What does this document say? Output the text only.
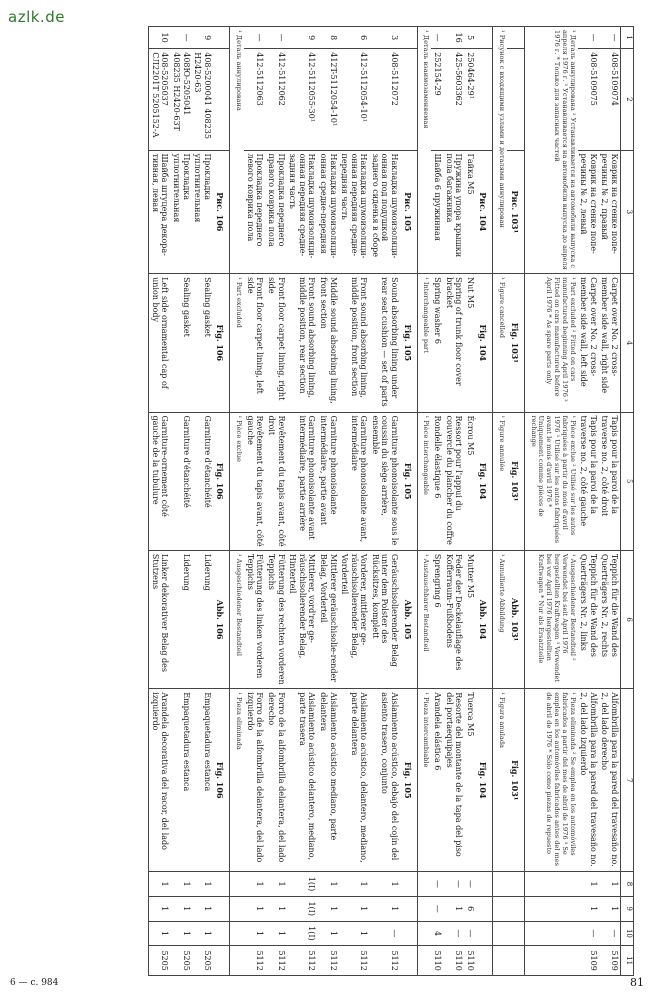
azlk.de
1	2	3	4	5	6	7	8	9	10	11
—	408-5109074	Коврик на стенке попе-речины № 2, правый	Carpet over No. 2 cross-member side wall, right side	Tapis pour la paroi de la traverse no. 2, côté droit	Teppich für die Wand des Querträgers Nr. 2, rechts	Alfombrilla para la pared del travesaño no. 2, del lado derecho	1	1	—	5109
—	408-5109075	Коврик на стенке попе-речины № 2, левый	Carpet over No. 2 cross-member side wall, left side	Tapis pour la paroi de la traverse no. 2, côté gauche	Teppich für die Wand des Querträgers Nr. 2, links	Alfombrilla para la pared del travesaño no. 2, del lado izquierdo	1	1	—	5109
¹ Деталь аннулирована ² Устанавливается на автомобили выпуска с апреля 1976 г. ³ Устанавливается на автомобили выпуска до апреля 1976 г. * Только для запасных частей			¹ Part excluded ² Fitted on cars manufactured beginning April 1976 ³ Fitted on cars manufactured before April 1976 * As spare parts only	¹ Pièce exclue ² Utilisé sur les autos fabriquées à partir du mois d'avril 1976 ³ Utilisé sur les autos fabriquées avant le mois d'avril 1976 * Uniquement comme pièces de rechange	¹ Ausgeschiedener Bestandteil ² Verwendet bei seit April 1976 hergestellten Kraftwagen ³ Verwendet bei vor April 1976 hergestellten Kraftwagen * Nur als Ersatzteile	¹ Pieza eliminada ² Se emplea en los automóviles fabricados a partir del mes de abril de 1976 ³ Se emplea en los automóviles fabricados antes del mes de abril de 1976 * Sólo como piezas de repuesto				
		Рис. 103¹	Fig. 103¹	Fig. 103¹	Abb. 103¹	Fig. 103¹				
¹ Рисунок с входящими узлами и деталями аннулирован			¹ Figure cancelled	¹ Figure annulée	¹ Annullierte Abbildung	¹ Figura anulada				
		Рис. 104	Fig. 104	Fig. 104	Abb. 104	Fig. 104				
5	250464-29¹	Гайка М5	Nut M5	Écrou M5	Mutter M5	Tuerca M5	—	6	—	5110
16	425-5603362	Пружина упора крышки пола багажника	Spring of trunk floor cover bracket	Ressort pour l'appui du couvercle du plancher du coffre	Feder der Deckelauflage des Kofferraum-Fußbodens	Resorte del montante de la tapa del piso del portaequipajes	—	1	—	5110
—	252154-29	Шайба 6 пружинная	Spring washer 6	Rondelle élastique 6	Sprengring 6	Arandela elástica 6	—	—	4	5110
¹ Деталь взаимозаменяемая			¹ Interchangeable part	¹ Pièce interchangeable	¹ Austauschbarer Bestandteil	¹ Pieza intercambiable				
		Рис. 105	Fig. 105	Fig. 105	Abb. 105	Fig. 105				
3	408-5112072	Накладка шумоизоляци-онная под подушкой заднего сиденья в сборе	Sound absorbing lining under rear seat cushion — set of parts	Garniture phonoisolante sous le coussin du siège arrière, ensemble	Geräuschisolierender Belag unter dem Polster des Rücksitzes, komplett	Aislamiento acústico, debajo del cojín del asiento trasero, conjunto	1	1	—	5112
6	412-5112054-10¹	Накладка шумоизоляци-онная передняя средне-передняя часть	Front sound absorbing lining, middle position, front section	Garniture phonoisolante avant, intermédiaire	Vorderer, mittlerer ge-räuschisolierender Belag, Vorderteil	Aislamiento acústico, delantero, mediano, parte delantera	1	1	1	5112
8	412T-5112054-10¹	Накладка шумоизоляци-онная средне-передняя	Middle sound absorbing lining, front section	Garniture phonoisolante intermédiaire, partie avant	Mittlerer geräuschisolie-render Belag, Vorderteil	Aislamiento acústico mediano, parte delantera	1	1	1	5112
9	412-5112055-30¹	Накладка шумоизоляци-онная передняя средне-задняя часть	Front sound absorbing lining, middle position, rear section	Garniture phonoisolante avant intermédiaire, partie arrière	Mittlerer, vord'rer ge-räuschisolierender Belag, Hinterteil	Aislamiento acústico delantero, mediano, parte trasera	1(I)	1(I)	1(I)	5112
—	412-5112062	Прокладка переднего правого коврика пола	Front floor carpet lining, right side	Revêtement du tapis avant, côté droit	Fütterung des rechten vorderen Teppichs	Forro de la alfombrilla delantera, del lado derecho	1	1	1	5112
—	412-5112063	Прокладка переднего левого коврика пола	Front floor carpet lining, left side	Revêtement du tapis avant, côté gauche	Fütterung des linken vorderen Teppichs	Forro de la alfombrilla delantera, del lado izquierdo	1	1	1	5112
¹ Деталь аннулирована			¹ Part excluded	¹ Pièce exclue	¹ Ausgeschiedener Bestandteil	¹ Pieza eliminada				
		Рис. 106	Fig. 106	Fig. 106	Abb. 106	Fig. 106				
9	408-5200041 408235 Н2420-63	Прокладка уплотнительная	Sealing gasket	Garniture d'étanchéité	Liderung	Empaquetadura estanca	1	1	1	5205
—	408Ю-5205041 408235 Н2420-63Т	Прокладка уплотнительная	Sealing gasket	Garniture d'étanchéité	Liderung	Empaquetadura estanca	1	1	1	5205
10	408-5205037 СЛ2201Т 5205152-А	Шайба штуцера декора-тивная, левая	Left side ornamental cap of union body	Garniture-ornement côté gauche de la tubulure	Linker dekorativer Belag des Stutzens	Arandela decorativa del racor, del lado izquierdo	1	1	1	5205
6 — с. 984	81
